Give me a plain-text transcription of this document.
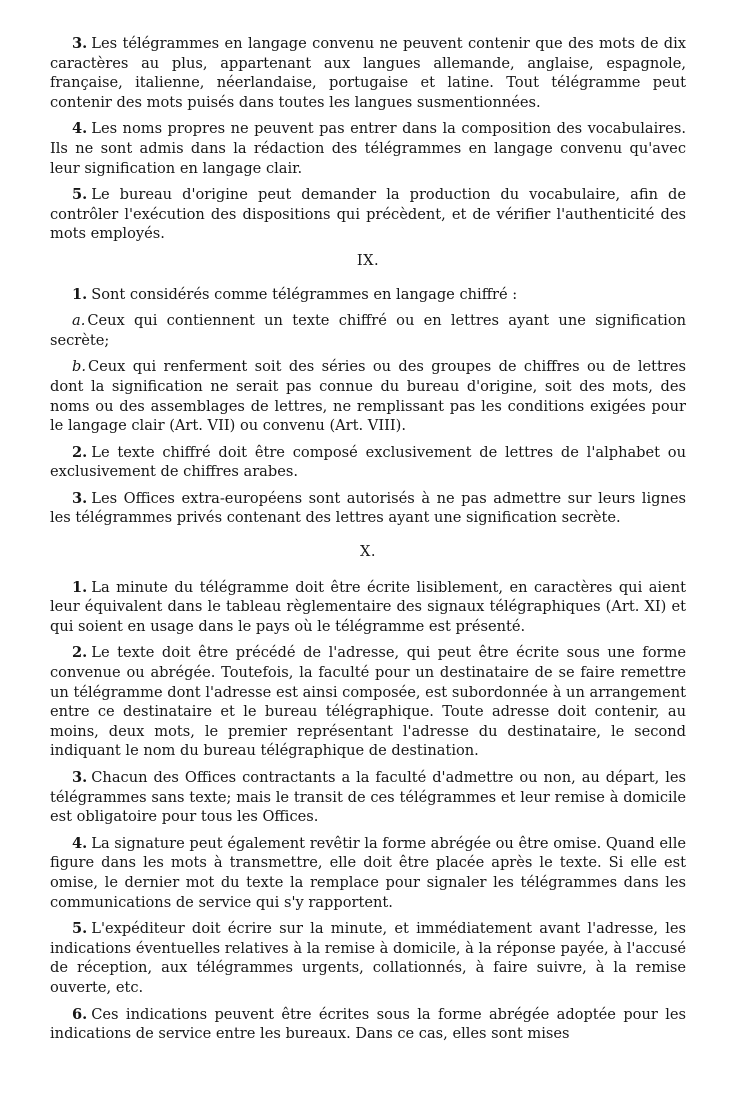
3. Les télégrammes en langage convenu ne peuvent contenir que des mots de dix caractères au plus, appartenant aux langues allemande, anglaise, espagnole, française, italienne, néerlandaise, portugaise et latine. Tout télégramme peut contenir des mots puisés dans toutes les langues susmentionnées.

4. Les noms propres ne peuvent pas entrer dans la composition des vocabulaires. Ils ne sont admis dans la rédaction des télégrammes en langage convenu qu'avec leur signification en langage clair.

5. Le bureau d'origine peut demander la production du vocabulaire, afin de contrôler l'exécution des dispositions qui précèdent, et de vérifier l'authenticité des mots employés.

IX.

1. Sont considérés comme télégrammes en langage chiffré :

a. Ceux qui contiennent un texte chiffré ou en lettres ayant une signification secrète;

b. Ceux qui renferment soit des séries ou des groupes de chiffres ou de lettres dont la signification ne serait pas connue du bureau d'origine, soit des mots, des noms ou des assemblages de lettres, ne remplissant pas les conditions exigées pour le langage clair (Art. VII) ou convenu (Art. VIII).

2. Le texte chiffré doit être composé exclusivement de lettres de l'alphabet ou exclusivement de chiffres arabes.

3. Les Offices extra-européens sont autorisés à ne pas admettre sur leurs lignes les télégrammes privés contenant des lettres ayant une signification secrète.

X.

1. La minute du télégramme doit être écrite lisiblement, en caractères qui aient leur équivalent dans le tableau règlementaire des signaux télégraphiques (Art. XI) et qui soient en usage dans le pays où le télégramme est présenté.

2. Le texte doit être précédé de l'adresse, qui peut être écrite sous une forme convenue ou abrégée. Toutefois, la faculté pour un destinataire de se faire remettre un télégramme dont l'adresse est ainsi composée, est subordonnée à un arrangement entre ce destinataire et le bureau télégraphique. Toute adresse doit contenir, au moins, deux mots, le premier représentant l'adresse du destinataire, le second indiquant le nom du bureau télégraphique de destination.

3. Chacun des Offices contractants a la faculté d'admettre ou non, au départ, les télégrammes sans texte; mais le transit de ces télégrammes et leur remise à domicile est obligatoire pour tous les Offices.

4. La signature peut également revêtir la forme abrégée ou être omise. Quand elle figure dans les mots à transmettre, elle doit être placée après le texte. Si elle est omise, le dernier mot du texte la remplace pour signaler les télégrammes dans les communications de service qui s'y rapportent.

5. L'expéditeur doit écrire sur la minute, et immédiatement avant l'adresse, les indications éventuelles relatives à la remise à domicile, à la réponse payée, à l'accusé de réception, aux télégrammes urgents, collationnés, à faire suivre, à la remise ouverte, etc.

6. Ces indications peuvent être écrites sous la forme abrégée adoptée pour les indications de service entre les bureaux. Dans ce cas, elles sont mises
